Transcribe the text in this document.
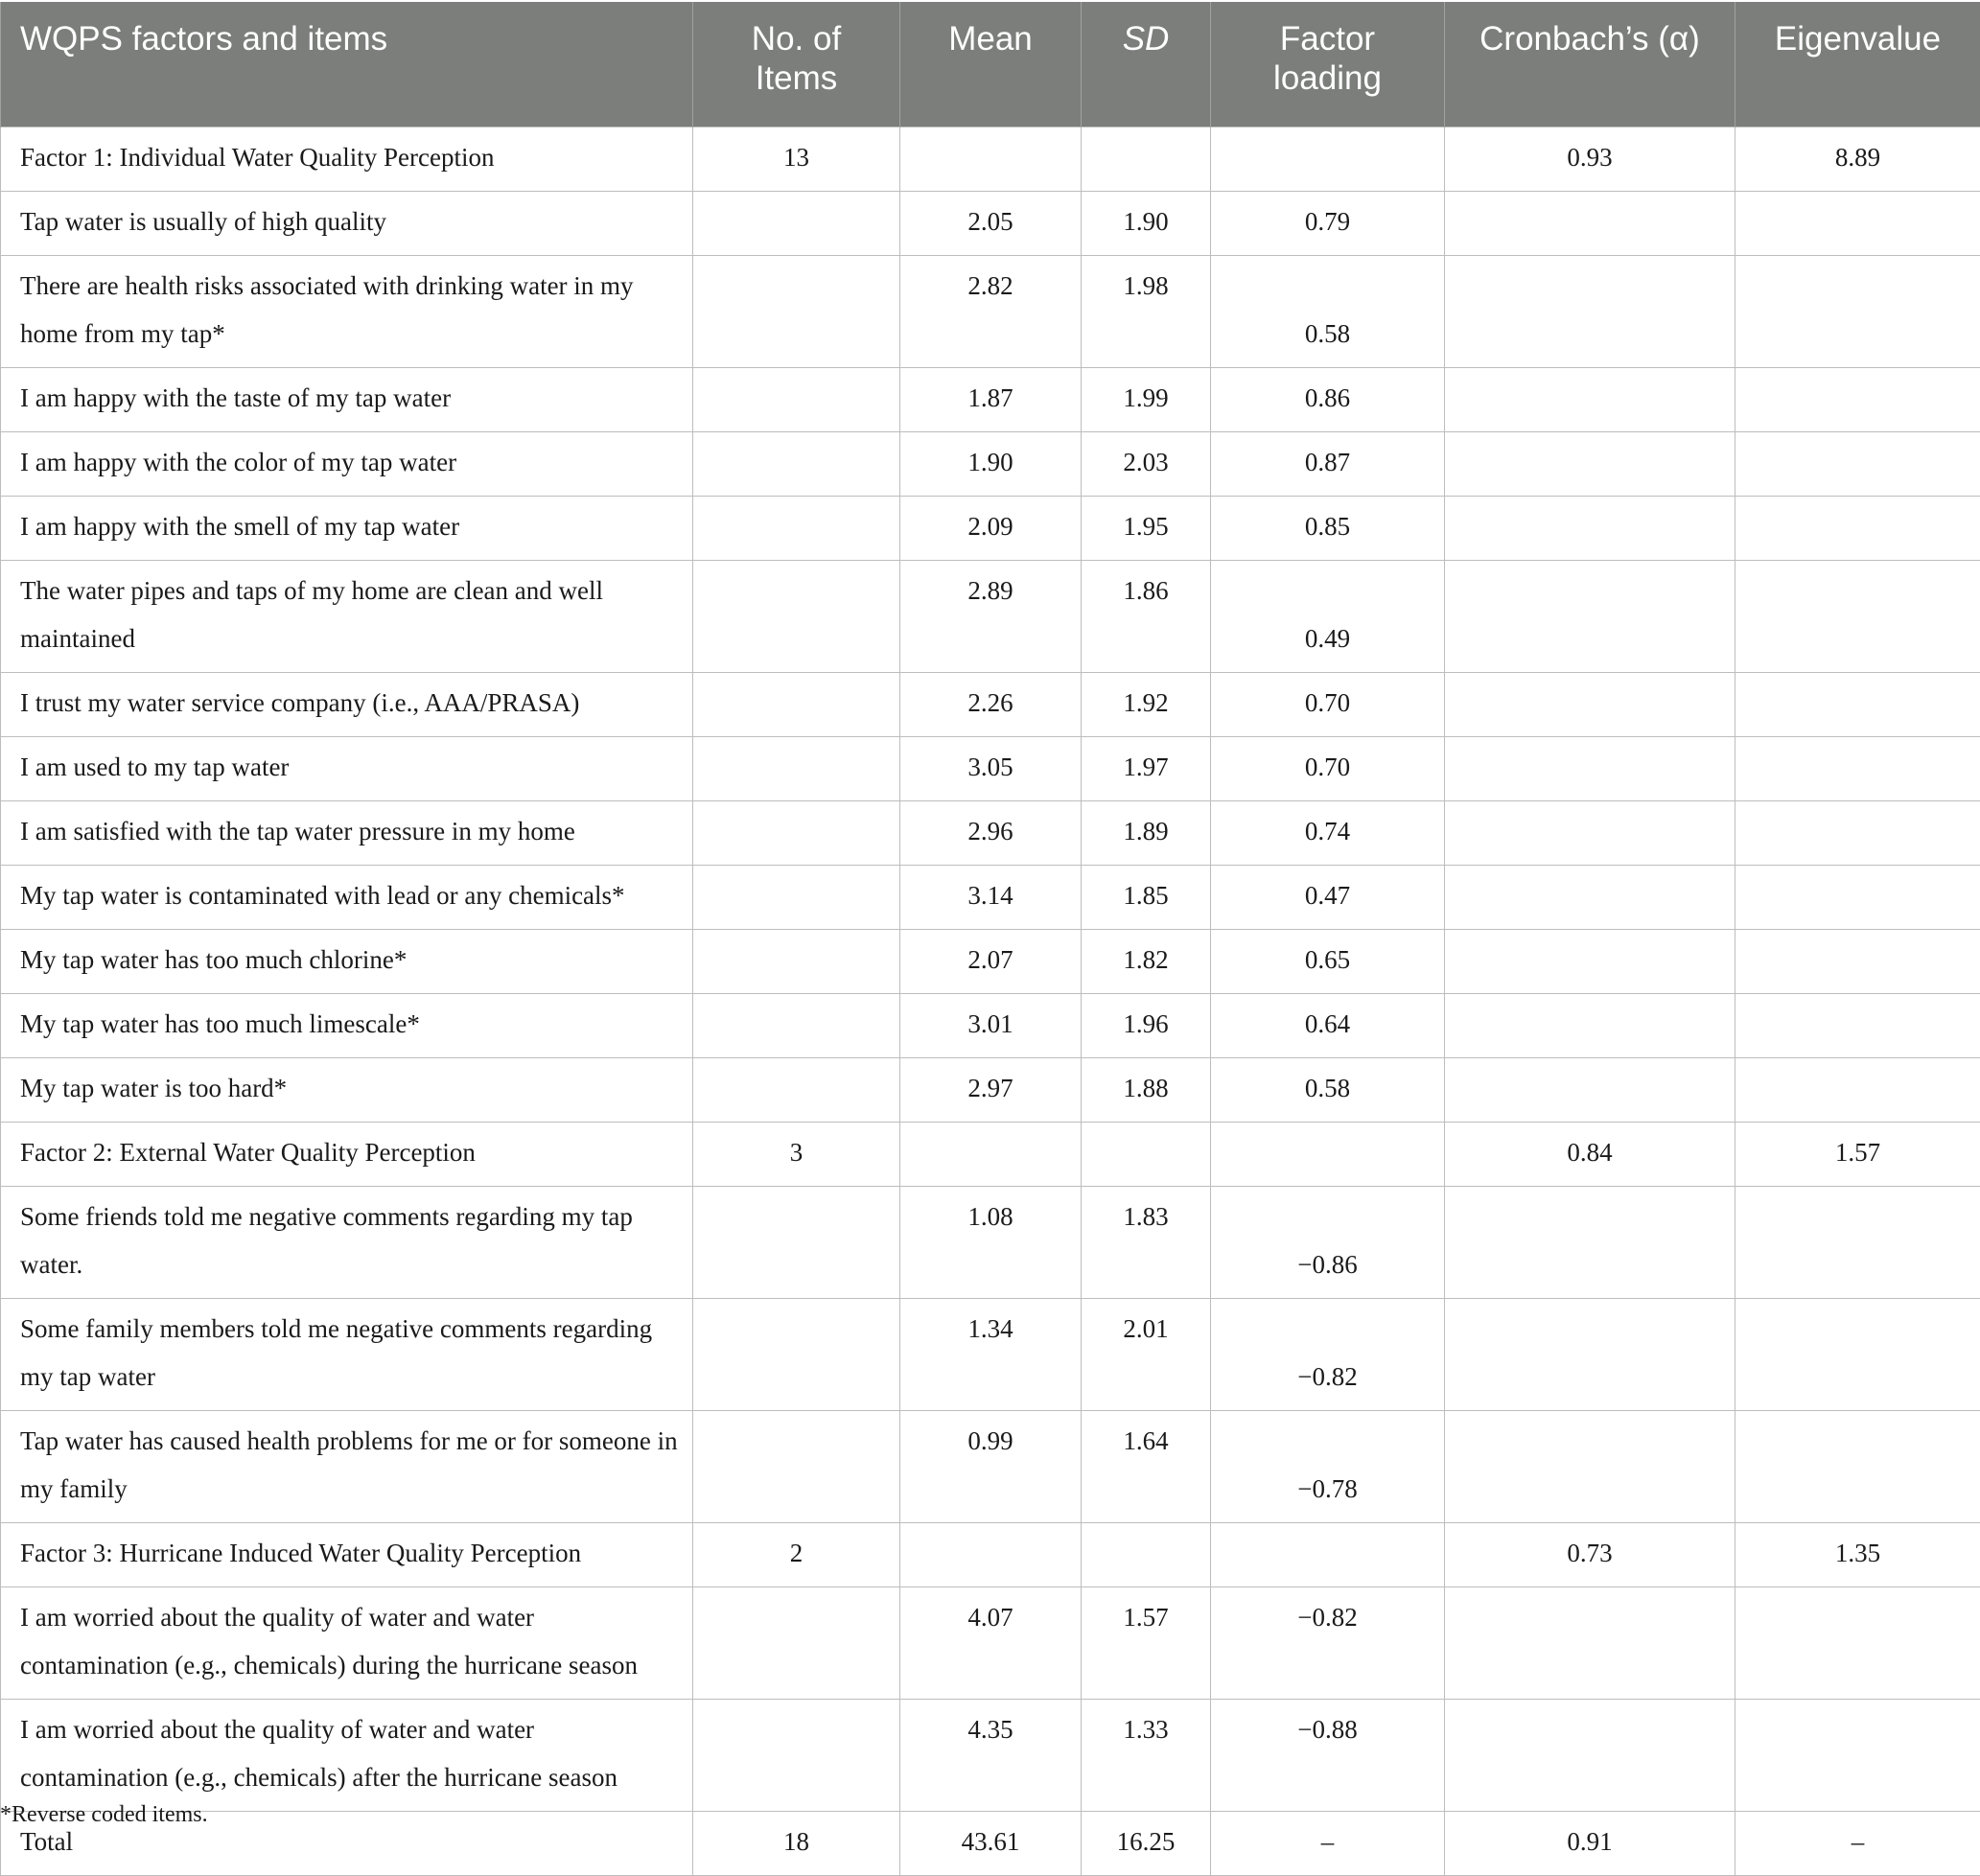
WQPS factors and items	No. of Items	Mean	SD	Factor loading	Cronbach’s (α)	Eigenvalue
Factor 1: Individual Water Quality Perception	13				0.93	8.89
Tap water is usually of high quality		2.05	1.90	0.79		
There are health risks associated with drinking water in my home from my tap*		2.82	1.98	0.58		
I am happy with the taste of my tap water		1.87	1.99	0.86		
I am happy with the color of my tap water		1.90	2.03	0.87		
I am happy with the smell of my tap water		2.09	1.95	0.85		
The water pipes and taps of my home are clean and well maintained		2.89	1.86	0.49		
I trust my water service company (i.e., AAA/PRASA)		2.26	1.92	0.70		
I am used to my tap water		3.05	1.97	0.70		
I am satisfied with the tap water pressure in my home		2.96	1.89	0.74		
My tap water is contaminated with lead or any chemicals*		3.14	1.85	0.47		
My tap water has too much chlorine*		2.07	1.82	0.65		
My tap water has too much limescale*		3.01	1.96	0.64		
My tap water is too hard*		2.97	1.88	0.58		
Factor 2: External Water Quality Perception	3				0.84	1.57
Some friends told me negative comments regarding my tap water.		1.08	1.83	−0.86		
Some family members told me negative comments regarding my tap water		1.34	2.01	−0.82		
Tap water has caused health problems for me or for someone in my family		0.99	1.64	−0.78		
Factor 3: Hurricane Induced Water Quality Perception	2				0.73	1.35
I am worried about the quality of water and water contamination (e.g., chemicals) during the hurricane season		4.07	1.57	−0.82		
I am worried about the quality of water and water contamination (e.g., chemicals) after the hurricane season		4.35	1.33	−0.88		
Total	18	43.61	16.25	–	0.91	–
*Reverse coded items.
